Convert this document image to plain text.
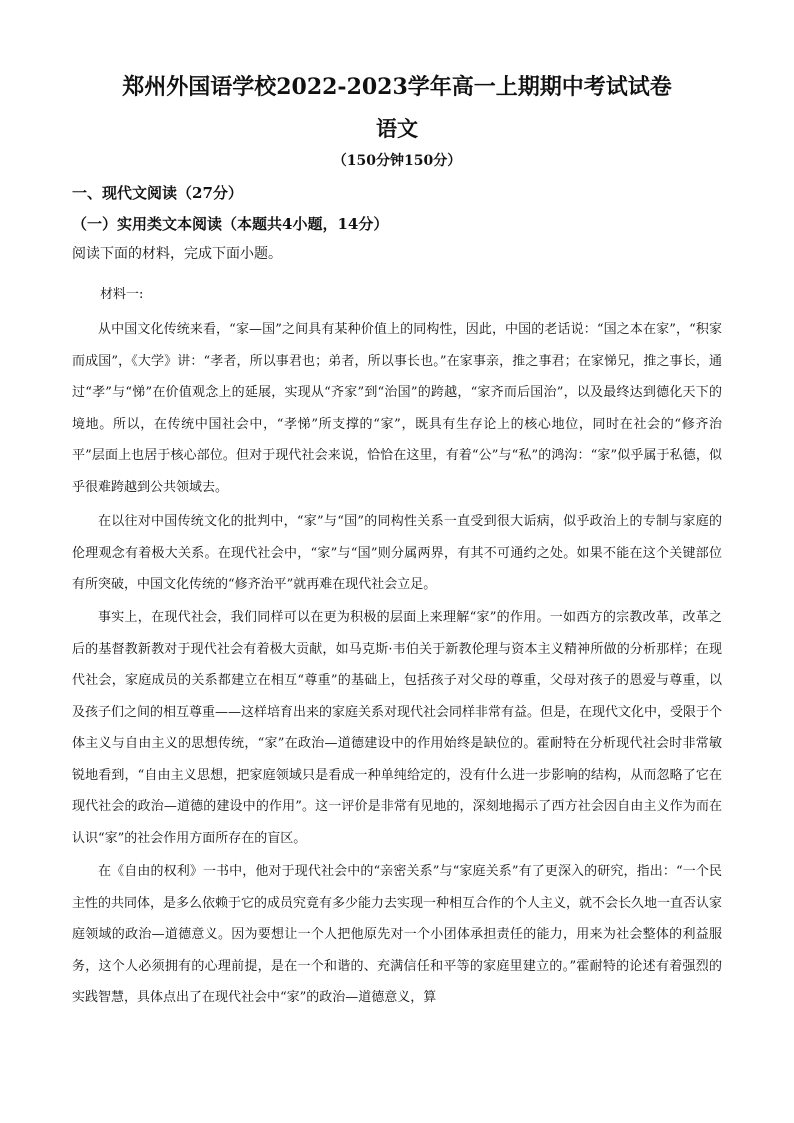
郑州外国语学校2022-2023学年高一上期期中考试试卷
语文
（150分钟150分）
一、现代文阅读（27分）
（一）实用类文本阅读（本题共4小题，14分）
阅读下面的材料，完成下面小题。
材料一:
从中国文化传统来看，“家—国”之间具有某种价值上的同构性，因此，中国的老话说：“国之本在家”，“积家而成国”，《大学》讲：“孝者，所以事君也；弟者，所以事长也。”在家事亲，推之事君；在家悌兄，推之事长，通过“孝”与“悌”在价值观念上的延展，实现从“齐家”到“治国”的跨越，“家齐而后国治”，以及最终达到德化天下的境地。所以，在传统中国社会中，“孝悌”所支撑的“家”，既具有生存论上的核心地位，同时在社会的“修齐治平”层面上也居于核心部位。但对于现代社会来说，恰恰在这里，有着“公”与“私”的鸿沟：“家”似乎属于私德，似乎很难跨越到公共领域去。
在以往对中国传统文化的批判中，“家”与“国”的同构性关系一直受到很大诟病，似乎政治上的专制与家庭的伦理观念有着极大关系。在现代社会中，“家”与“国”则分属两界，有其不可通约之处。如果不能在这个关键部位有所突破，中国文化传统的“修齐治平”就再难在现代社会立足。
事实上，在现代社会，我们同样可以在更为积极的层面上来理解“家”的作用。一如西方的宗教改革，改革之后的基督教新教对于现代社会有着极大贡献，如马克斯·韦伯关于新教伦理与资本主义精神所做的分析那样；在现代社会，家庭成员的关系都建立在相互“尊重”的基础上，包括孩子对父母的尊重，父母对孩子的恩爱与尊重，以及孩子们之间的相互尊重——这样培育出来的家庭关系对现代社会同样非常有益。但是，在现代文化中，受限于个体主义与自由主义的思想传统，“家”在政治—道德建设中的作用始终是缺位的。霍耐特在分析现代社会时非常敏锐地看到，“自由主义思想，把家庭领域只是看成一种单纯给定的，没有什么进一步影响的结构，从而忽略了它在现代社会的政治—道德的建设中的作用”。这一评价是非常有见地的，深刻地揭示了西方社会因自由主义作为而在认识“家”的社会作用方面所存在的盲区。
在《自由的权利》一书中，他对于现代社会中的“亲密关系”与“家庭关系”有了更深入的研究，指出：“一个民主性的共同体，是多么依赖于它的成员究竟有多少能力去实现一种相互合作的个人主义，就不会长久地一直否认家庭领域的政治—道德意义。因为要想让一个人把他原先对一个小团体承担责任的能力，用来为社会整体的利益服务，这个人必须拥有的心理前提，是在一个和谐的、充满信任和平等的家庭里建立的。”霍耐特的论述有着强烈的实践智慧，具体点出了在现代社会中“家”的政治—道德意义，算
